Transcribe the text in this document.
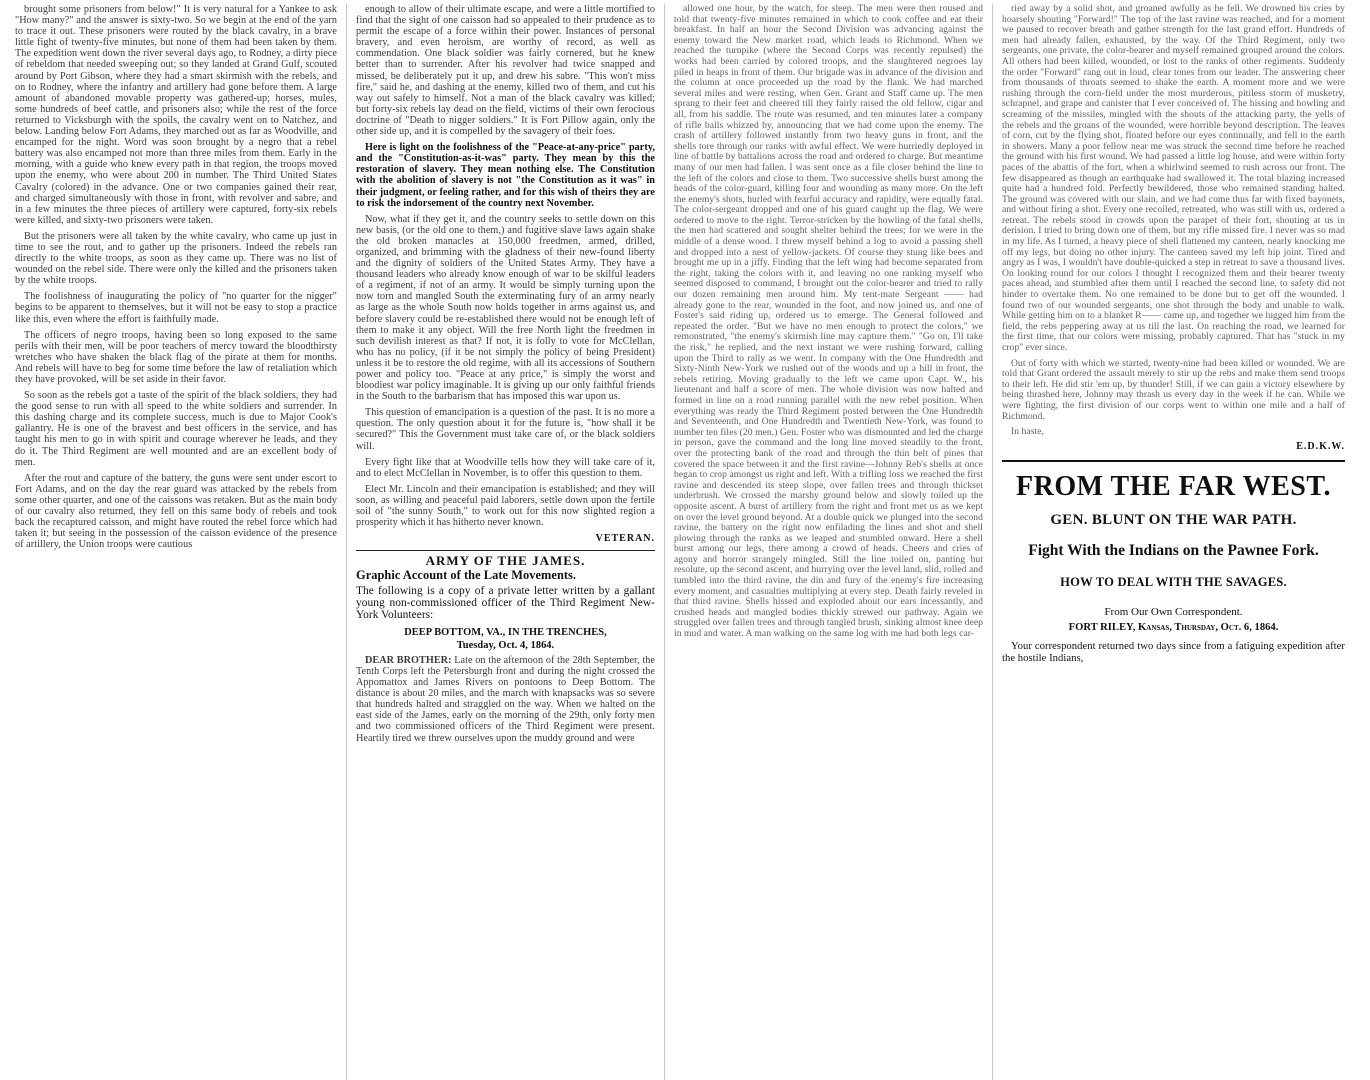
brought some prisoners from below!" It is very natural for a Yankee to ask "How many?" and the answer is sixty-two. So we begin at the end of the yarn to trace it out. These prisoners were routed by the black cavalry, in a brave little fight of twenty-five minutes, but none of them had been taken by them. The expedition went down the river several days ago, to Rodney, a dirty piece of rebeldom that needed sweeping out; so they landed at Grand Gulf, scouted around by Port Gibson, where they had a smart skirmish with the rebels, and on to Rodney, where the infantry and artillery had gone before them. A large amount of abandoned movable property was gathered-up; horses, mules, some hundreds of beef cattle, and prisoners also; while the rest of the force returned to Vicksburgh with the spoils, the cavalry went on to Natchez, and below. Landing below Fort Adams, they marched out as far as Woodville, and encamped for the night. Word was soon brought by a negro that a rebel battery was also encamped not more than three miles from them. Early in the morning, with a guide who knew every path in that region, the troops moved upon the enemy, who were about 200 in number. The Third United States Cavalry (colored) in the advance. One or two companies gained their rear, and charged simultaneously with those in front, with revolver and sabre, and in a few minutes the three pieces of artillery were captured, forty-six rebels were killed, and sixty-two prisoners were taken.

But the prisoners were all taken by the white cavalry, who came up just in time to see the rout, and to gather up the prisoners. Indeed the rebels ran directly to the white troops, as soon as they came up. There was no list of wounded on the rebel side. There were only the killed and the prisoners taken by the white troops.

The foolishness of inaugurating the policy of "no quarter for the nigger" begins to be apparent to themselves, but it will not be easy to stop a practice like this, even where the effort is faithfully made.

The officers of negro troops, having been so long exposed to the same perils with their men, will be poor teachers of mercy toward the bloodthirsty wretches who have shaken the black flag of the pirate at them for months. And rebels will have to beg for some time before the law of retaliation which they have provoked, will be set aside in their favor.

So soon as the rebels got a taste of the spirit of the black soldiers, they had the good sense to run with all speed to the white soldiers and surrender. In this dashing charge and its complete success, much is due to Major Cook's gallantry. He is one of the bravest and best officers in the service, and has taught his men to go in with spirit and courage wherever he leads, and they do it. The Third Regiment are well mounted and are an excellent body of men.

After the rout and capture of the battery, the guns were sent under escort to Fort Adams, and on the day the rear guard was attacked by the rebels from some other quarter, and one of the caissons was retaken. But as the main body of our cavalry also returned, they fell on this same body of rebels and took back the recaptured caisson, and might have routed the rebel force which had taken it; but seeing in the possession of the caisson evidence of the presence of artillery, the Union troops were cautious

enough to allow of their ultimate escape, and were a little mortified to find that the sight of one caisson had so appealed to their prudence as to permit the escape of a force within their power. Instances of personal bravery, and even heroism, are worthy of record, as well as commendation. One black soldier was fairly cornered, but he knew better than to surrender. After his revolver had twice snapped and missed, be deliberately put it up, and drew his sabre. "This won't miss fire," said he, and dashing at the enemy, killed two of them, and cut his way out safely to himself. Not a man of the black cavalry was killed; but forty-six rebels lay dead on the field, victims of their own ferocious doctrine of "Death to nigger soldiers." It is Fort Pillow again, only the other side up, and it is compelled by the savagery of their foes.

Here is light on the foolishness of the "Peace-at-any-price" party, and the "Constitution-as-it-was" party. They mean by this the restoration of slavery. They mean nothing else. The Constitution with the abolition of slavery is not "the Constitution as it was" in their judgment, or feeling rather, and for this wish of theirs they are to risk the indorsement of the country next November.

Now, what if they get it, and the country seeks to settle down on this new basis, (or the old one to them,) and fugitive slave laws again shake the old broken manacles at 150,000 freedmen, armed, drilled, organized, and brimming with the gladness of their new-found liberty and the dignity of soldiers of the United States Army. They have a thousand leaders who already know enough of war to be skilful leaders of a regiment, if not of an army. It would be simply turning upon the now torn and mangled South the exterminating fury of an army nearly as large as the whole South now holds together in arms against us, and before slavery could be re-established there would not be enough left of them to make it any object. Will the free North light the freedmen in such devilish interest as that? If not, it is folly to vote for McClellan, who has no policy, (if it be not simply the policy of being President) unless it be to restore the old regime, with all its accessions of Southern power and policy too. "Peace at any price," is simply the worst and bloodiest war policy imaginable. It is giving up our only faithful friends in the South to the barbarism that has imposed this war upon us.

This question of emancipation is a question of the past. It is no more a question. The only question about it for the future is, "how shall it be secured?" This the Government must take care of, or the black soldiers will.

Every fight like that at Woodville tells how they will take care of it, and to elect McClellan in November, is to offer this question to them.

Elect Mr. Lincoln and their emancipation is established; and they will soon, as willing and peaceful paid laborers, settle down upon the fertile soil of "the sunny South," to work out for this now slighted region a prosperity which it has hitherto never known.

VETERAN.

ARMY OF THE JAMES.

Graphic Account of the Late Movements.

The following is a copy of a private letter written by a gallant young non-commissioned officer of the Third Regiment New-York Volunteers:

DEEP BOTTOM, VA., IN THE TRENCHES,

Tuesday, Oct. 4, 1864.

DEAR BROTHER: Late on the afternoon of the 28th September, the Tenth Corps left the Petersburgh front and during the night crossed the Appomattox and James Rivers on pontoons to Deep Bottom. The distance is about 20 miles, and the march with knapsacks was so severe that hundreds halted and straggled on the way. When we halted on the east side of the James, early on the morning of the 29th, only forty men and two commissioned officers of the Third Regiment were present. Heartily tired we threw ourselves upon the muddy ground and were

allowed one hour, by the watch, for sleep. The men were then roused and told that twenty-five minutes remained in which to cook coffee and eat their breakfast. In half an hour the Second Division was advancing against the enemy toward the New market road, which leads to Richmond. When we reached the turnpike (where the Second Corps was recently repulsed) the works had been carried by colored troops, and the slaughtered negroes lay piled in heaps in front of them. Our brigade was in advance of the division and the column at once proceeded up the road by the flank. We had marched several miles and were resting, when Gen. Grant and Staff came up. The men sprang to their feet and cheered till they fairly raised the old fellow, cigar and all, from his saddle. The route was resumed, and ten minutes later a company of rifle balls whizzed by, announcing that we had come upon the enemy. The crash of artillery followed instantly from two heavy guns in front, and the shells tore through our ranks with awful effect. We were hurriedly deployed in line of battle by battalions across the road and ordered to charge. But meantime many of our men had fallen. I was sent once as a file closer behind the line to the left of the colors and close to them. Two successive shells burst among the heads of the color-guard, killing four and wounding as many more. On the left the enemy's shots, hurled with fearful accuracy and rapidity, were equally fatal. The color-sergeant dropped and one of his guard caught up the flag. We were ordered to move to the right. Terror-stricken by the howling of the fatal shells, the men had scattered and sought shelter behind the trees; for we were in the middle of a dense wood. I threw myself behind a log to avoid a passing shell and dropped into a nest of yellow-jackets. Of course they stung like bees and brought me up in a jiffy. Finding that the left wing had become separated from the right, taking the colors with it, and leaving no one ranking myself who seemed disposed to command, I brought out the color-bearer and tried to rally our dozen remaining men around him. My tent-mate Sergeant —— had already gone to the rear, wounded in the foot, and now joined us, and one of Foster's said riding up, ordered us to emerge. The General followed and repeated the order. "But we have no men enough to protect the colors," we remonstrated, "the enemy's skirmish line may capture them." "Go on, I'll take the risk," he replied, and the next instant we were rushing forward, calling upon the Third to rally as we went. In company with the One Hundredth and Sixty-Ninth New-York we rushed out of the woods and up a hill in front, the rebels retiring. Moving gradually to the left we came upon Capt. W., his lieutenant and half a score of men. The whole division was now halted and formed in line on a road running parallel with the new rebel position. When everything was ready the Third Regiment posted between the One Hundredth and Seventeenth, and One Hundredth and Twentieth New-York, was found to number ten files (20 men.) Gen. Foster who was dismounted and led the charge in person, gave the command and the long line moved steadily to the front, over the protecting bank of the road and through the thin belt of pines that covered the space between it and the first ravine—Johnny Reb's shells at once began to crop amongst us right and left. With a trifling loss we reached the first ravine and descended its steep slope, over fallen trees and through thickset underbrush. We crossed the marshy ground below and slowly toiled up the opposite ascent. A burst of artillery from the right and front met us as we kept on over the level ground beyond. At a double quick we plunged into the second ravine, the battery on the right now enfilading the lines and shot and shell plowing through the ranks as we leaped and stumbled onward. Here a shell burst among our legs, there among a crowd of heads. Cheers and cries of agony and horror strangely mingled. Still the line toiled on, panting but resolute, up the second ascent, and hurrying over the level land, slid, rolled and tumbled into the third ravine, the din and fury of the enemy's fire increasing every moment, and casualties multiplying at every step. Death fairly reveled in that third ravine. Shells hissed and exploded about our ears incessantly, and crushed heads and mangled bodies thickly strewed our pathway. Again we struggled over fallen trees and through tangled brush, sinking almost knee deep in mud and water. A man walking on the same log with me had both legs car-

ried away by a solid shot, and groaned awfully as he fell. We drowned his cries by hoarsely shouting "Forward!" The top of the last ravine was reached, and for a moment we paused to recover breath and gather strength for the last grand effort. Hundreds of men had already fallen, exhausted, by the way. Of the Third Regiment, only two sergeants, one private, the color-bearer and myself remained grouped around the colors. All others had been killed, wounded, or lost to the ranks of other regiments. Suddenly the order "Forward" rang out in loud, clear tones from our leader. The answering cheer from thousands of throats seemed to shake the earth. A moment more and we were rushing through the corn-field under the most murderous, pitiless storm of musketry, schrapnel, and grape and canister that I ever conceived of. The hissing and howling and screaming of the missiles, mingled with the shouts of the attacking party, the yells of the rebels and the groans of the wounded, were horrible beyond description. The leaves of corn, cut by the flying shot, floated before our eyes continually, and fell to the earth in showers. Many a poor fellow near me was struck the second time before he reached the ground with his first wound. We had passed a little log house, and were within forty paces of the abattis of the fort, when a whirlwind seemed to rush across our front. The few disappeared as though an earthquake had swallowed it. The total blazing increased quite had a hundred fold. Perfectly bewildered, those who remained standing halted. The ground was covered with our slain, and we had come thus far with fixed bayonets, and without firing a shot. Every one recoiled, retreated, who was still with us, ordered a retreat. The rebels stood in crowds upon the parapet of their fort, shouting at us in derision. I tried to bring down one of them, but my rifle missed fire. I never was so mad in my life. As I turned, a heavy piece of shell flattened my canteen, nearly knocking me off my legs, but doing no other injury. The canteen saved my left hip joint. Tired and angry as I was, I wouldn't have double-quicked a step in retreat to save a thousand lives. On looking round for our colors I thought I recognized them and their bearer twenty paces ahead, and stumbled after them until I reached the second line, to safety did not hinder to overtake them. No one remained to be done but to get off the wounded. I found two of our wounded sergeants, one shot through the body and unable to walk. While getting him on to a blanket R—— came up, and together we lugged him from the field, the rebs peppering away at us till the last. On reaching the road, we learned for the first time, that our colors were missing, probably captured. That has "stuck in my crop" ever since.

Out of forty with which we started, twenty-nine had been killed or wounded. We are told that Grant ordered the assault merely to stir up the rebs and make them send troops to their left. He did stir 'em up, by thunder! Still, if we can gain a victory elsewhere by being thrashed here, Johnny may thrash us every day in the week if he can. While we were fighting, the first division of our corps went to within one mile and a half of Richmond.

In haste,

E.D.K.W.

FROM THE FAR WEST.
GEN. BLUNT ON THE WAR PATH.
Fight With the Indians on the Pawnee Fork.
HOW TO DEAL WITH THE SAVAGES.
From Our Own Correspondent.
FORT RILEY, Kansas, Thursday, Oct. 6, 1864.

Your correspondent returned two days since from a fatiguing expedition after the hostile Indians,
